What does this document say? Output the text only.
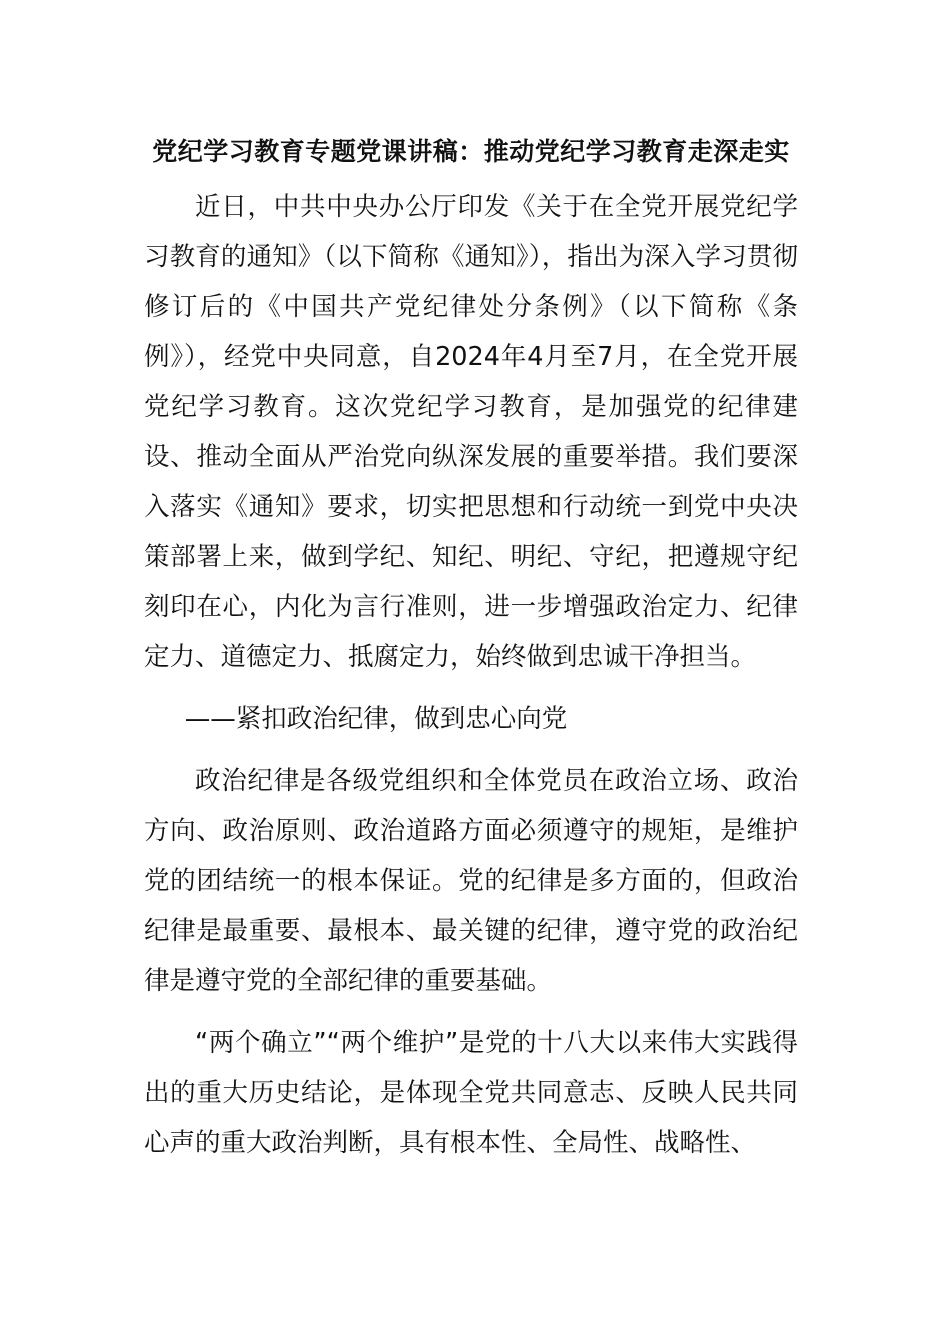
党纪学习教育专题党课讲稿：推动党纪学习教育走深走实

近日，中共中央办公厅印发《关于在全党开展党纪学习教育的通知》（以下简称《通知》），指出为深入学习贯彻修订后的《中国共产党纪律处分条例》（以下简称《条例》），经党中央同意，自2024年4月至7月，在全党开展党纪学习教育。这次党纪学习教育，是加强党的纪律建设、推动全面从严治党向纵深发展的重要举措。我们要深入落实《通知》要求，切实把思想和行动统一到党中央决策部署上来，做到学纪、知纪、明纪、守纪，把遵规守纪刻印在心，内化为言行准则，进一步增强政治定力、纪律定力、道德定力、抵腐定力，始终做到忠诚干净担当。

——紧扣政治纪律，做到忠心向党

政治纪律是各级党组织和全体党员在政治立场、政治方向、政治原则、政治道路方面必须遵守的规矩，是维护党的团结统一的根本保证。党的纪律是多方面的，但政治纪律是最重要、最根本、最关键的纪律，遵守党的政治纪律是遵守党的全部纪律的重要基础。

“两个确立”“两个维护”是党的十八大以来伟大实践得出的重大历史结论，是体现全党共同意志、反映人民共同心声的重大政治判断，具有根本性、全局性、战略性、
